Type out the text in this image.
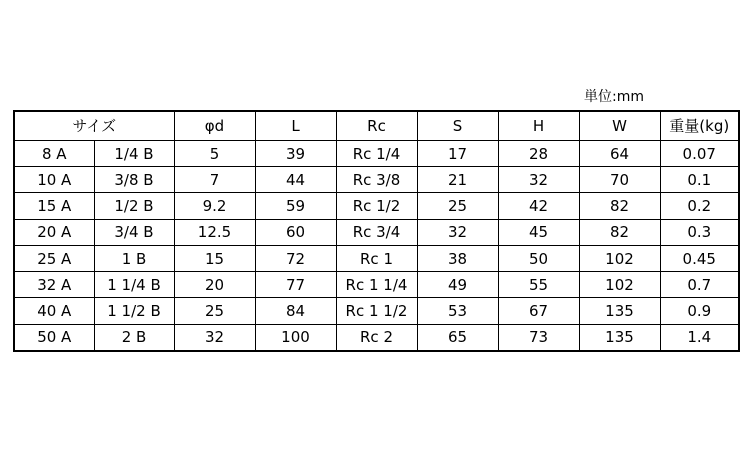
単位:mm
サイズ		φd	L	Rc	S	H	W	重量(kg)
8 A	1/4 B	5	39	Rc 1/4	17	28	64	0.07
10 A	3/8 B	7	44	Rc 3/8	21	32	70	0.1
15 A	1/2 B	9.2	59	Rc 1/2	25	42	82	0.2
20 A	3/4 B	12.5	60	Rc 3/4	32	45	82	0.3
25 A	1 B	15	72	Rc 1	38	50	102	0.45
32 A	1 1/4 B	20	77	Rc 1 1/4	49	55	102	0.7
40 A	1 1/2 B	25	84	Rc 1 1/2	53	67	135	0.9
50 A	2 B	32	100	Rc 2	65	73	135	1.4
